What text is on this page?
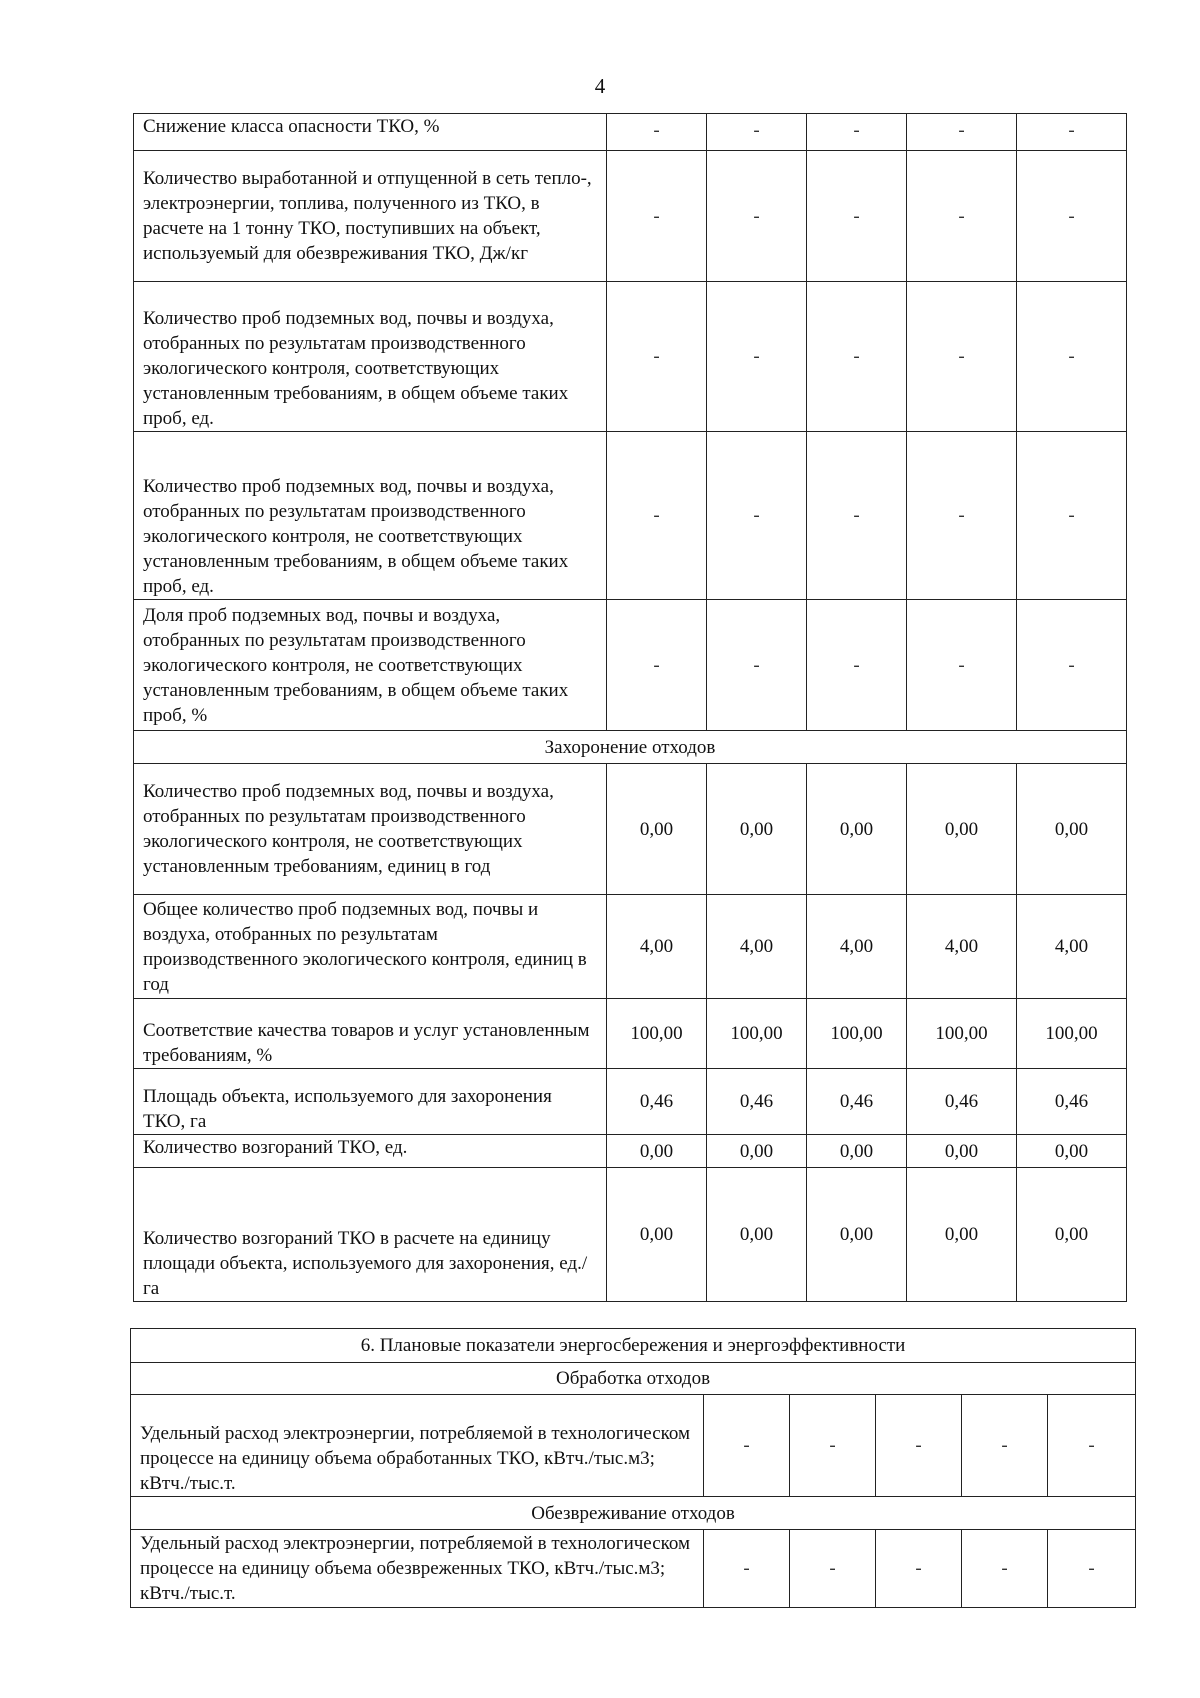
4
Снижение класса опасности ТКО, %	-	-	-	-	-
Количество выработанной и отпущенной в сеть тепло-, электроэнергии, топлива, полученного из ТКО, в расчете на 1 тонну ТКО, поступивших на объект, используемый для обезвреживания ТКО, Дж/кг	-	-	-	-	-
Количество проб подземных вод, почвы и воздуха, отобранных по результатам производственного экологического контроля, соответствующих установленным требованиям, в общем объеме таких проб, ед.	-	-	-	-	-
Количество проб подземных вод, почвы и воздуха, отобранных по результатам производственного экологического контроля, не соответствующих установленным требованиям, в общем объеме таких проб, ед.	-	-	-	-	-
Доля проб подземных вод, почвы и воздуха, отобранных по результатам производственного экологического контроля, не соответствующих установленным требованиям, в общем объеме таких проб, %	-	-	-	-	-
Захоронение отходов					
Количество проб подземных вод, почвы и воздуха, отобранных по результатам производственного экологического контроля, не соответствующих установленным требованиям, единиц в год	0,00	0,00	0,00	0,00	0,00
Общее количество проб подземных вод, почвы и воздуха, отобранных по результатам производственного экологического контроля, единиц в год	4,00	4,00	4,00	4,00	4,00
Соответствие качества товаров и услуг установленным требованиям, %	100,00	100,00	100,00	100,00	100,00
Площадь объекта, используемого для захоронения ТКО, га	0,46	0,46	0,46	0,46	0,46
Количество возгораний ТКО, ед.	0,00	0,00	0,00	0,00	0,00
Количество возгораний ТКО в расчете на единицу площади объекта, используемого для захоронения, ед./га	0,00	0,00	0,00	0,00	0,00
6. Плановые показатели энергосбережения и энергоэффективности					
Обработка отходов					
Удельный расход электроэнергии, потребляемой в технологическом процессе на единицу объема обработанных ТКО, кВтч./тыс.м3; кВтч./тыс.т.	-	-	-	-	-
Обезвреживание отходов					
Удельный расход электроэнергии, потребляемой в технологическом процессе на единицу объема обезвреженных ТКО, кВтч./тыс.м3; кВтч./тыс.т.	-	-	-	-	-
